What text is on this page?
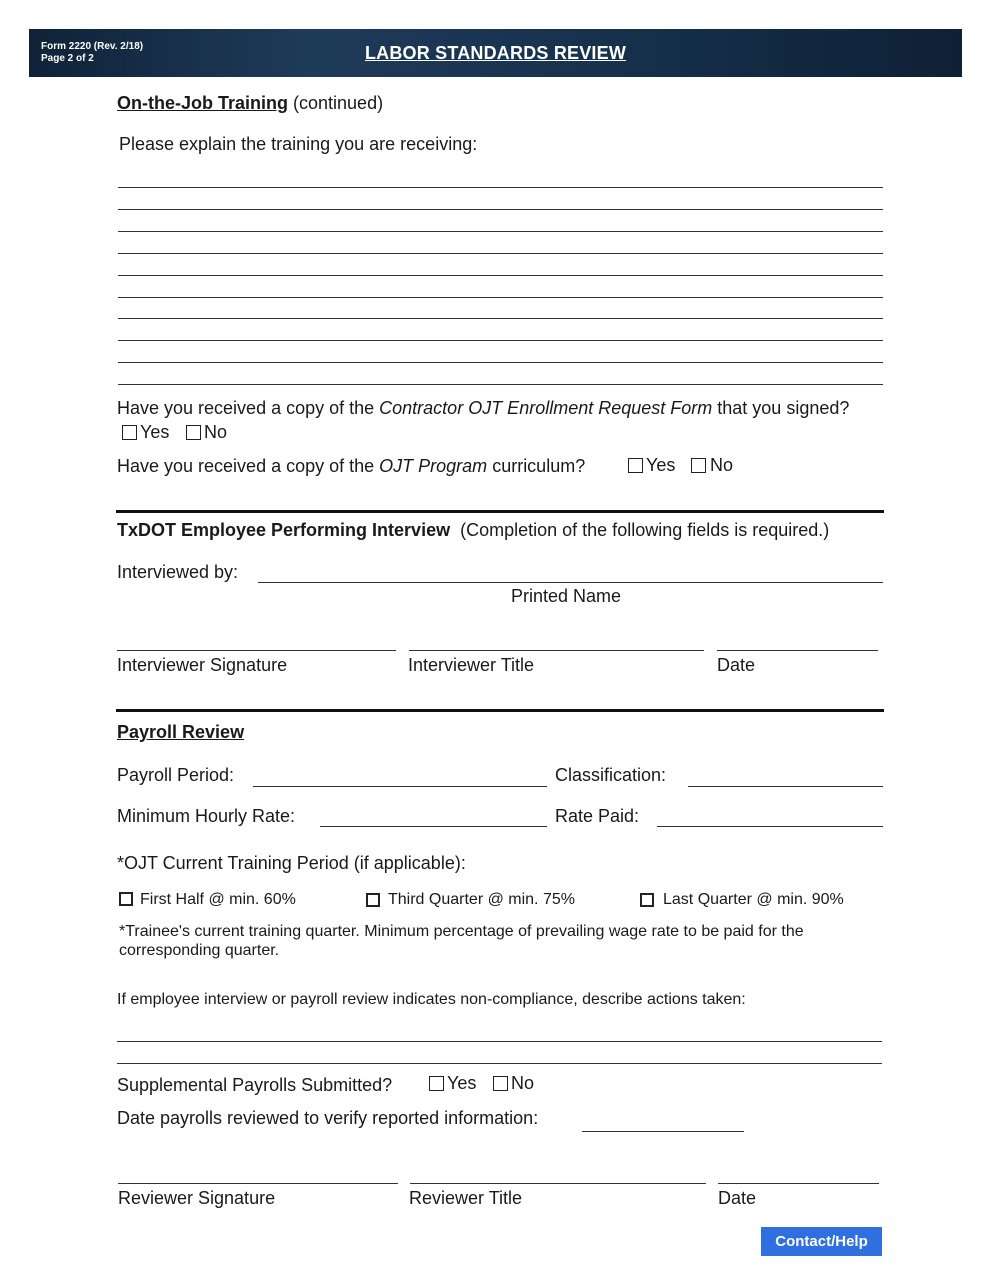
Form 2220 (Rev. 2/18)
Page 2 of 2	LABOR STANDARDS REVIEW
On-the-Job Training (continued)
Please explain the training you are receiving:
Have you received a copy of the Contractor OJT Enrollment Request Form that you signed?
Yes No
Have you received a copy of the OJT Program curriculum?	Yes No
TxDOT Employee Performing Interview (Completion of the following fields is required.)
Interviewed by:
Printed Name
Interviewer Signature	Interviewer Title	Date
Payroll Review
Payroll Period:	Classification:
Minimum Hourly Rate:	Rate Paid:
*OJT Current Training Period (if applicable):
First Half @ min. 60%	Third Quarter @ min. 75%	Last Quarter @ min. 90%
*Trainee's current training quarter. Minimum percentage of prevailing wage rate to be paid for the
corresponding quarter.
If employee interview or payroll review indicates non-compliance, describe actions taken:
Supplemental Payrolls Submitted?	Yes No
Date payrolls reviewed to verify reported information:
Reviewer Signature	Reviewer Title	Date
Contact/Help
